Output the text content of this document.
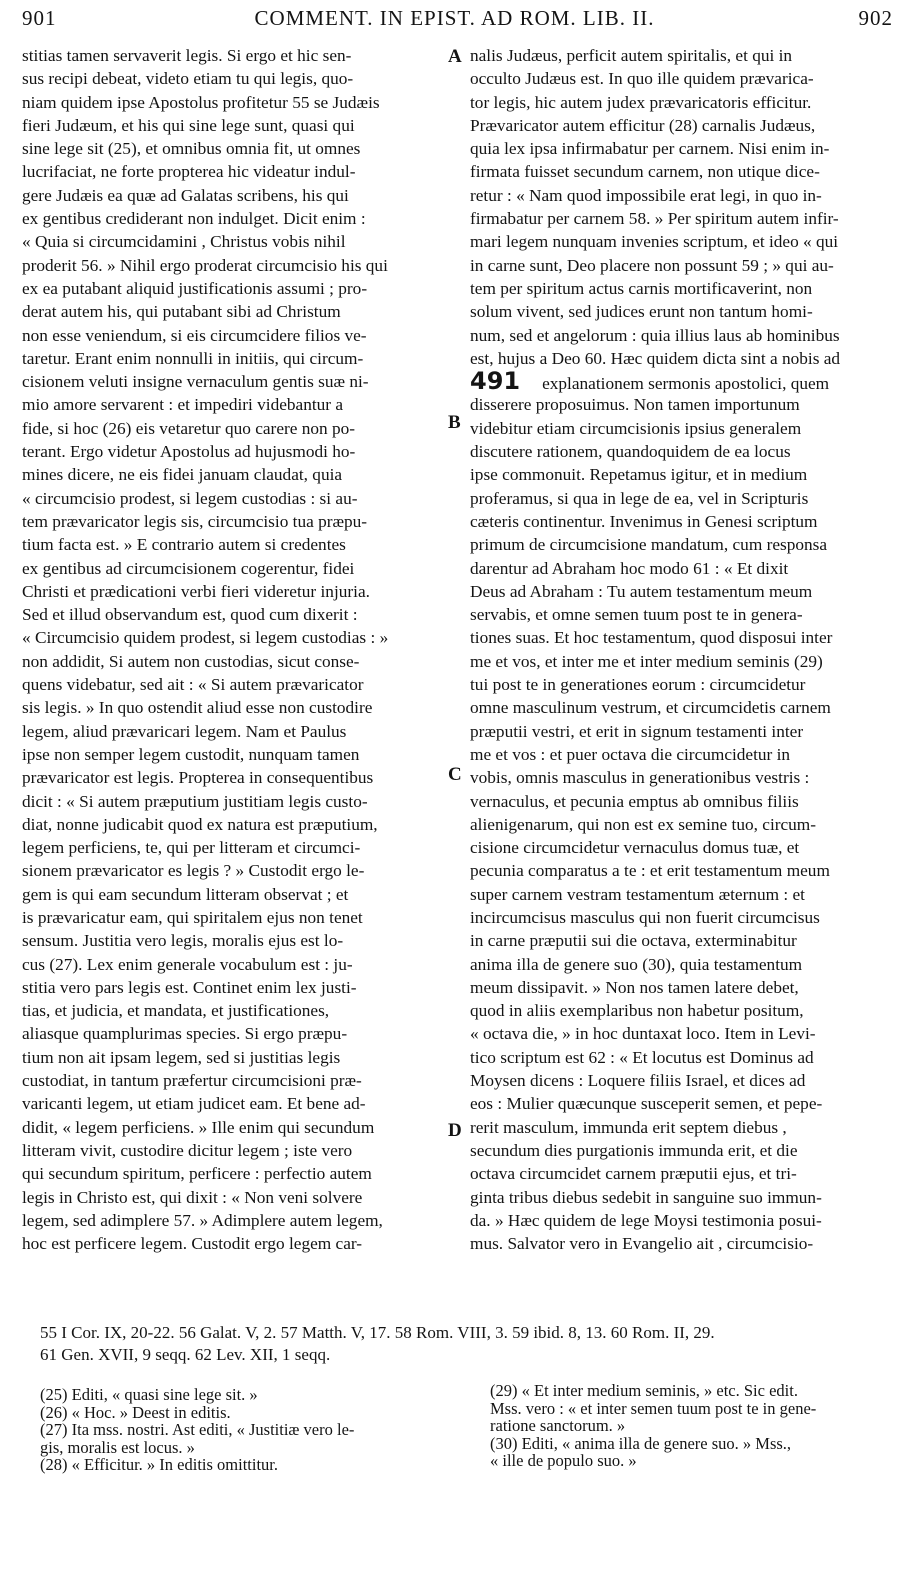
901	COMMENT. IN EPIST. AD ROM. LIB. II.	902
stitias tamen servaverit legis. Si ergo et hic sen-
sus recipi debeat, videto etiam tu qui legis, quo-
niam quidem ipse Apostolus profitetur 55 se Judæis
fieri Judæum, et his qui sine lege sunt, quasi qui
sine lege sit (25), et omnibus omnia fit, ut omnes
lucrifaciat, ne forte propterea hic videatur indul-
gere Judæis ea quæ ad Galatas scribens, his qui
ex gentibus crediderant non indulget. Dicit enim :
« Quia si circumcidamini , Christus vobis nihil
proderit 56. » Nihil ergo proderat circumcisio his qui
ex ea putabant aliquid justificationis assumi ; pro-
derat autem his, qui putabant sibi ad Christum
non esse veniendum, si eis circumcidere filios ve-
taretur. Erant enim nonnulli in initiis, qui circum-
cisionem veluti insigne vernaculum gentis suæ ni-
mio amore servarent : et impediri videbantur a
fide, si hoc (26) eis vetaretur quo carere non po-
terant. Ergo videtur Apostolus ad hujusmodi ho-
mines dicere, ne eis fidei januam claudat, quia
« circumcisio prodest, si legem custodias : si au-
tem prævaricator legis sis, circumcisio tua præpu-
tium facta est. » E contrario autem si credentes
ex gentibus ad circumcisionem cogerentur, fidei
Christi et prædicationi verbi fieri videretur injuria.
Sed et illud observandum est, quod cum dixerit :
« Circumcisio quidem prodest, si legem custodias : »
non addidit, Si autem non custodias, sicut conse-
quens videbatur, sed ait : « Si autem prævaricator
sis legis. » In quo ostendit aliud esse non custodire
legem, aliud prævaricari legem. Nam et Paulus
ipse non semper legem custodit, nunquam tamen
prævaricator est legis. Propterea in consequentibus
dicit : « Si autem præputium justitiam legis custo-
diat, nonne judicabit quod ex natura est præputium,
legem perficiens, te, qui per litteram et circumci-
sionem prævaricator es legis ? » Custodit ergo le-
gem is qui eam secundum litteram observat ; et
is prævaricatur eam, qui spiritalem ejus non tenet
sensum. Justitia vero legis, moralis ejus est lo-
cus (27). Lex enim generale vocabulum est : ju-
stitia vero pars legis est. Continet enim lex justi-
tias, et judicia, et mandata, et justificationes,
aliasque quamplurimas species. Si ergo præpu-
tium non ait ipsam legem, sed si justitias legis
custodiat, in tantum præfertur circumcisioni præ-
varicanti legem, ut etiam judicet eam. Et bene ad-
didit, « legem perficiens. » Ille enim qui secundum
litteram vivit, custodire dicitur legem ; iste vero
qui secundum spiritum, perficere : perfectio autem
legis in Christo est, qui dixit : « Non veni solvere
legem, sed adimplere 57. » Adimplere autem legem,
hoc est perficere legem. Custodit ergo legem car-
nalis Judæus, perficit autem spiritalis, et qui in
occulto Judæus est. In quo ille quidem prævarica-
tor legis, hic autem judex prævaricatoris efficitur.
Prævaricator autem efficitur (28) carnalis Judæus,
quia lex ipsa infirmabatur per carnem. Nisi enim in-
firmata fuisset secundum carnem, non utique dice-
retur : « Nam quod impossibile erat legi, in quo in-
firmabatur per carnem 58. » Per spiritum autem infir-
mari legem nunquam invenies scriptum, et ideo « qui
in carne sunt, Deo placere non possunt 59 ; » qui au-
tem per spiritum actus carnis mortificaverint, non
solum vivent, sed judices erunt non tantum homi-
num, sed et angelorum : quia illius laus ab hominibus
est, hujus a Deo 60. Hæc quidem dicta sint a nobis ad
491 explanationem sermonis apostolici, quem
disserere proposuimus. Non tamen importunum
videbitur etiam circumcisionis ipsius generalem
discutere rationem, quandoquidem de ea locus
ipse commonuit. Repetamus igitur, et in medium
proferamus, si qua in lege de ea, vel in Scripturis
cæteris continentur. Invenimus in Genesi scriptum
primum de circumcisione mandatum, cum responsa
darentur ad Abraham hoc modo 61 : « Et dixit
Deus ad Abraham : Tu autem testamentum meum
servabis, et omne semen tuum post te in genera-
tiones suas. Et hoc testamentum, quod disposui inter
me et vos, et inter me et inter medium seminis (29)
tui post te in generationes eorum : circumcidetur
omne masculinum vestrum, et circumcidetis carnem
præputii vestri, et erit in signum testamenti inter
me et vos : et puer octava die circumcidetur in
vobis, omnis masculus in generationibus vestris :
vernaculus, et pecunia emptus ab omnibus filiis
alienigenarum, qui non est ex semine tuo, circum-
cisione circumcidetur vernaculus domus tuæ, et
pecunia comparatus a te : et erit testamentum meum
super carnem vestram testamentum æternum : et
incircumcisus masculus qui non fuerit circumcisus
in carne præputii sui die octava, exterminabitur
anima illa de genere suo (30), quia testamentum
meum dissipavit. » Non nos tamen latere debet,
quod in aliis exemplaribus non habetur positum,
« octava die, » in hoc duntaxat loco. Item in Levi-
tico scriptum est 62 : « Et locutus est Dominus ad
Moysen dicens : Loquere filiis Israel, et dices ad
eos : Mulier quæcunque susceperit semen, et pepe-
rerit masculum, immunda erit septem diebus ,
secundum dies purgationis immunda erit, et die
octava circumcidet carnem præputii ejus, et tri-
ginta tribus diebus sedebit in sanguine suo immun-
da. » Hæc quidem de lege Moysi testimonia posui-
mus. Salvator vero in Evangelio ait , circumcisio-
A
B
C
D
55 I Cor. IX, 20-22. 56 Galat. V, 2. 57 Matth. V, 17. 58 Rom. VIII, 3. 59 ibid. 8, 13. 60 Rom. II, 29.
61 Gen. XVII, 9 seqq. 62 Lev. XII, 1 seqq.
(25) Editi, « quasi sine lege sit. »
(26) « Hoc. » Deest in editis.
(27) Ita mss. nostri. Ast editi, « Justitiæ vero le-
gis, moralis est locus. »
(28) « Efficitur. » In editis omittitur.
(29) « Et inter medium seminis, » etc. Sic edit.
Mss. vero : « et inter semen tuum post te in gene-
ratione sanctorum. »
(30) Editi, « anima illa de genere suo. » Mss.,
« ille de populo suo. »
